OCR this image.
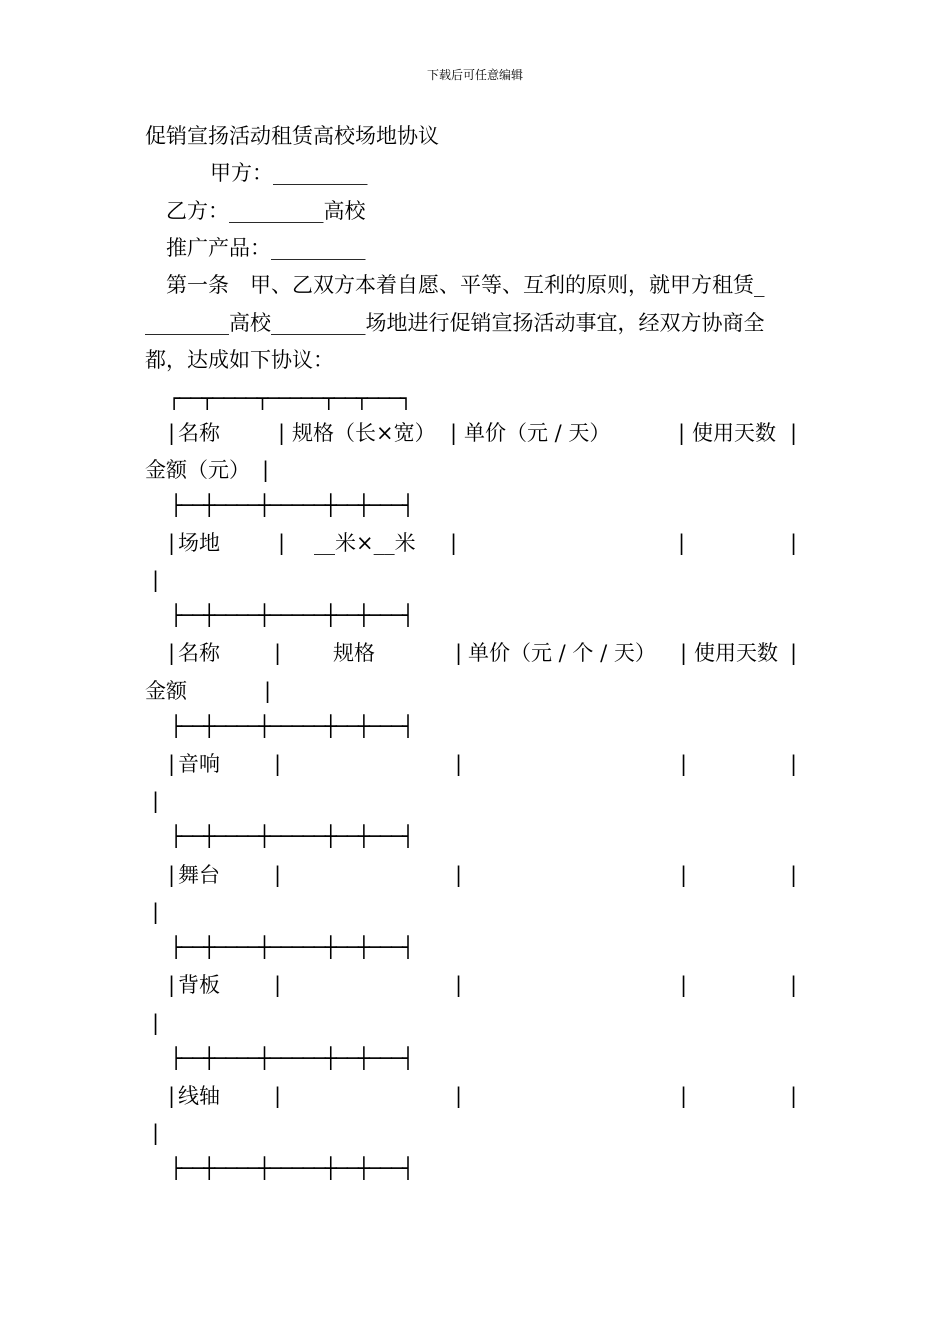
下载后可任意编辑
促销宣扬活动租赁高校场地协议
甲方：_________
乙方：_________高校
推广产品：_________
第一条　甲、乙双方本着自愿、平等、互利的原则，就甲方租赁_
________高校_________场地进行促销宣扬活动事宜，经双方协商全
都，达成如下协议：
┌──┬────┬─────┬──┬───┐
| 名称	| 规格（长×宽） | 单价（元 / 天）	| 使用天数 |
金额（元） |
├──┼────┼─────┼──┼───┤
| 场地	| __米×__米 |	|	|
|
├──┼────┼─────┼──┼───┤
| 名称	| 规格	| 单价（元 / 个 / 天） | 使用天数 |
金额	|
├──┼────┼─────┼──┼───┤
| 音响	|	|	|	|
|
├──┼────┼─────┼──┼───┤
| 舞台	|	|	|	|
|
├──┼────┼─────┼──┼───┤
| 背板	|	|	|	|
|
├──┼────┼─────┼──┼───┤
| 线轴	|	|	|	|
|
├──┼────┼─────┼──┼───┤
